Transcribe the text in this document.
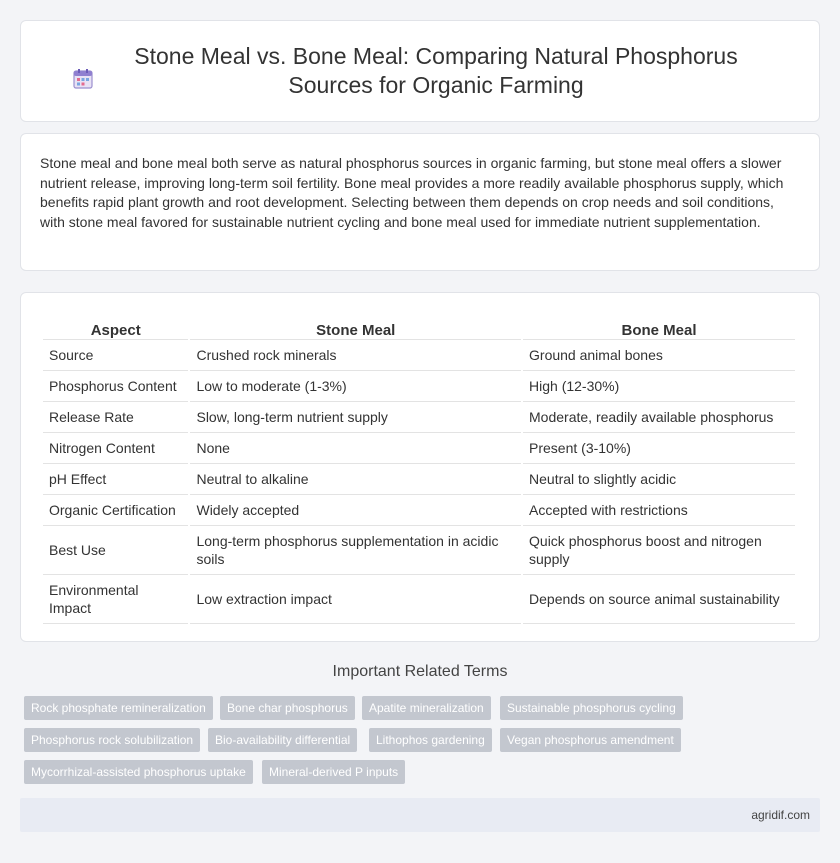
Stone Meal vs. Bone Meal: Comparing Natural Phosphorus Sources for Organic Farming

Stone meal and bone meal both serve as natural phosphorus sources in organic farming, but stone meal offers a slower nutrient release, improving long-term soil fertility. Bone meal provides a more readily available phosphorus supply, which benefits rapid plant growth and root development. Selecting between them depends on crop needs and soil conditions, with stone meal favored for sustainable nutrient cycling and bone meal used for immediate nutrient supplementation.

Aspect	Stone Meal	Bone Meal
Source	Crushed rock minerals	Ground animal bones
Phosphorus Content	Low to moderate (1-3%)	High (12-30%)
Release Rate	Slow, long-term nutrient supply	Moderate, readily available phosphorus
Nitrogen Content	None	Present (3-10%)
pH Effect	Neutral to alkaline	Neutral to slightly acidic
Organic Certification	Widely accepted	Accepted with restrictions
Best Use	Long-term phosphorus supplementation in acidic soils	Quick phosphorus boost and nitrogen supply
Environmental Impact	Low extraction impact	Depends on source animal sustainability
Important Related Terms
Rock phosphate remineralization	Bone char phosphorus	Apatite mineralization	Sustainable phosphorus cycling
Phosphorus rock solubilization	Bio-availability differential	Lithophos gardening	Vegan phosphorus amendment
Mycorrhizal-assisted phosphorus uptake	Mineral-derived P inputs
agridif.com
